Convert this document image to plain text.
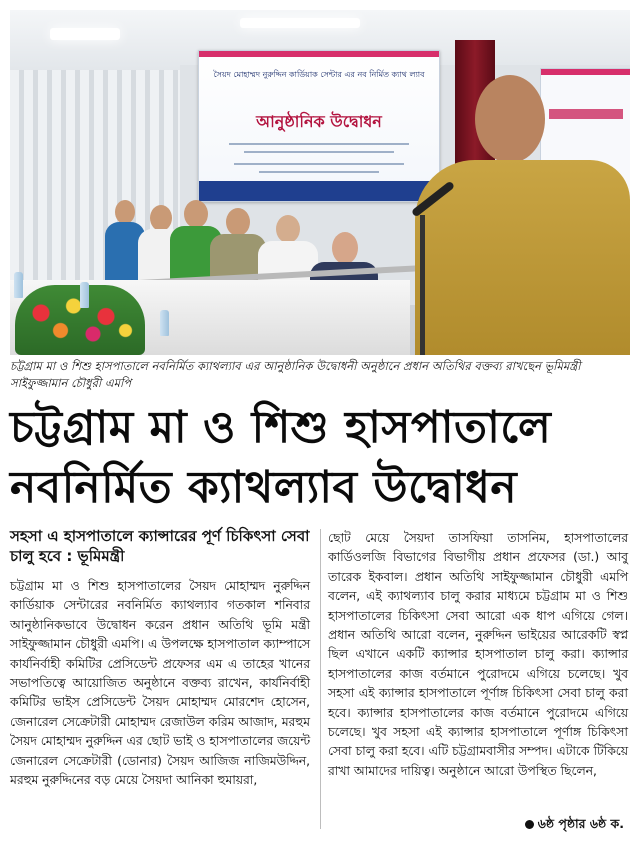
সৈয়দ মোহাম্মদ নুরুদ্দিন কার্ডিয়াক সেন্টার এর নব নির্মিত ক্যাথ ল্যাব
আনুষ্ঠানিক উদ্বোধন
চট্টগ্রাম মা ও শিশু হাসপাতালে নবনির্মিত ক্যাথল্যাব এর আনুষ্ঠানিক উদ্বোধনী অনুষ্ঠানে প্রধান অতিথির বক্তব্য রাখছেন ভূমিমন্ত্রী সাইফুজ্জামান চৌধুরী এমপি
চট্টগ্রাম মা ও শিশু হাসপাতালে
নবনির্মিত ক্যাথল্যাব উদ্বোধন
সহসা এ হাসপাতালে ক্যান্সারের পূর্ণ চিকিৎসা সেবা চালু হবে : ভূমিমন্ত্রী
চট্টগ্রাম মা ও শিশু হাসপাতালের সৈয়দ মোহাম্মদ নুরুদ্দিন কার্ডিয়াক সেন্টারের নবনির্মিত ক্যাথল্যাব গতকাল শনিবার আনুষ্ঠানিকভাবে উদ্বোধন করেন প্রধান অতিথি ভূমি মন্ত্রী সাইফুজ্জামান চৌধুরী এমপি। এ উপলক্ষে হাসপাতাল ক্যাম্পাসে কার্যনির্বাহী কমিটির প্রেসিডেন্ট প্রফেসর এম এ তাহের খানের সভাপতিত্বে আয়োজিত অনুষ্ঠানে বক্তব্য রাখেন, কার্যনির্বাহী কমিটির ভাইস প্রেসিডেন্ট সৈয়দ মোহাম্মদ মোরশেদ হোসেন, জেনারেল সেক্রেটারী মোহাম্মদ রেজাউল করিম আজাদ, মরহুম সৈয়দ মোহাম্মদ নুরুদ্দিন এর ছোট ভাই ও হাসপাতালের জয়েন্ট জেনারেল সেক্রেটারী (ডোনার) সৈয়দ আজিজ নাজিমউদ্দিন, মরহুম নুরুদ্দিনের বড় মেয়ে সৈয়দা আনিকা হুমায়রা,
ছোট মেয়ে সৈয়দা তাসফিয়া তাসনিম, হাসপাতালের কার্ডিওলজি বিভাগের বিভাগীয় প্রধান প্রফেসর (ডা.) আবু তারেক ইকবাল। প্রধান অতিথি সাইফুজ্জামান চৌধুরী এমপি বলেন, এই ক্যাথল্যাব চালু করার মাধ্যমে চট্টগ্রাম মা ও শিশু হাসপাতালের চিকিৎসা সেবা আরো এক ধাপ এগিয়ে গেল। প্রধান অতিথি আরো বলেন, নুরুদ্দিন ভাইয়ের আরেকটি স্বপ্ন ছিল এখানে একটি ক্যান্সার হাসপাতাল চালু করা। ক্যান্সার হাসপাতালের কাজ বর্তমানে পুরোদমে এগিয়ে চলেছে। খুব সহসা এই ক্যান্সার হাসপাতালে পূর্ণাঙ্গ চিকিৎসা সেবা চালু করা হবে। ক্যান্সার হাসপাতালের কাজ বর্তমানে পুরোদমে এগিয়ে চলেছে। খুব সহসা এই ক্যান্সার হাসপাতালে পূর্ণাঙ্গ চিকিৎসা সেবা চালু করা হবে। এটি চট্টগ্রামবাসীর সম্পদ। এটাকে টিকিয়ে রাখা আমাদের দায়িত্ব। অনুষ্ঠানে আরো উপস্থিত ছিলেন,
৬ষ্ঠ পৃষ্ঠার ৬ষ্ঠ ক.
